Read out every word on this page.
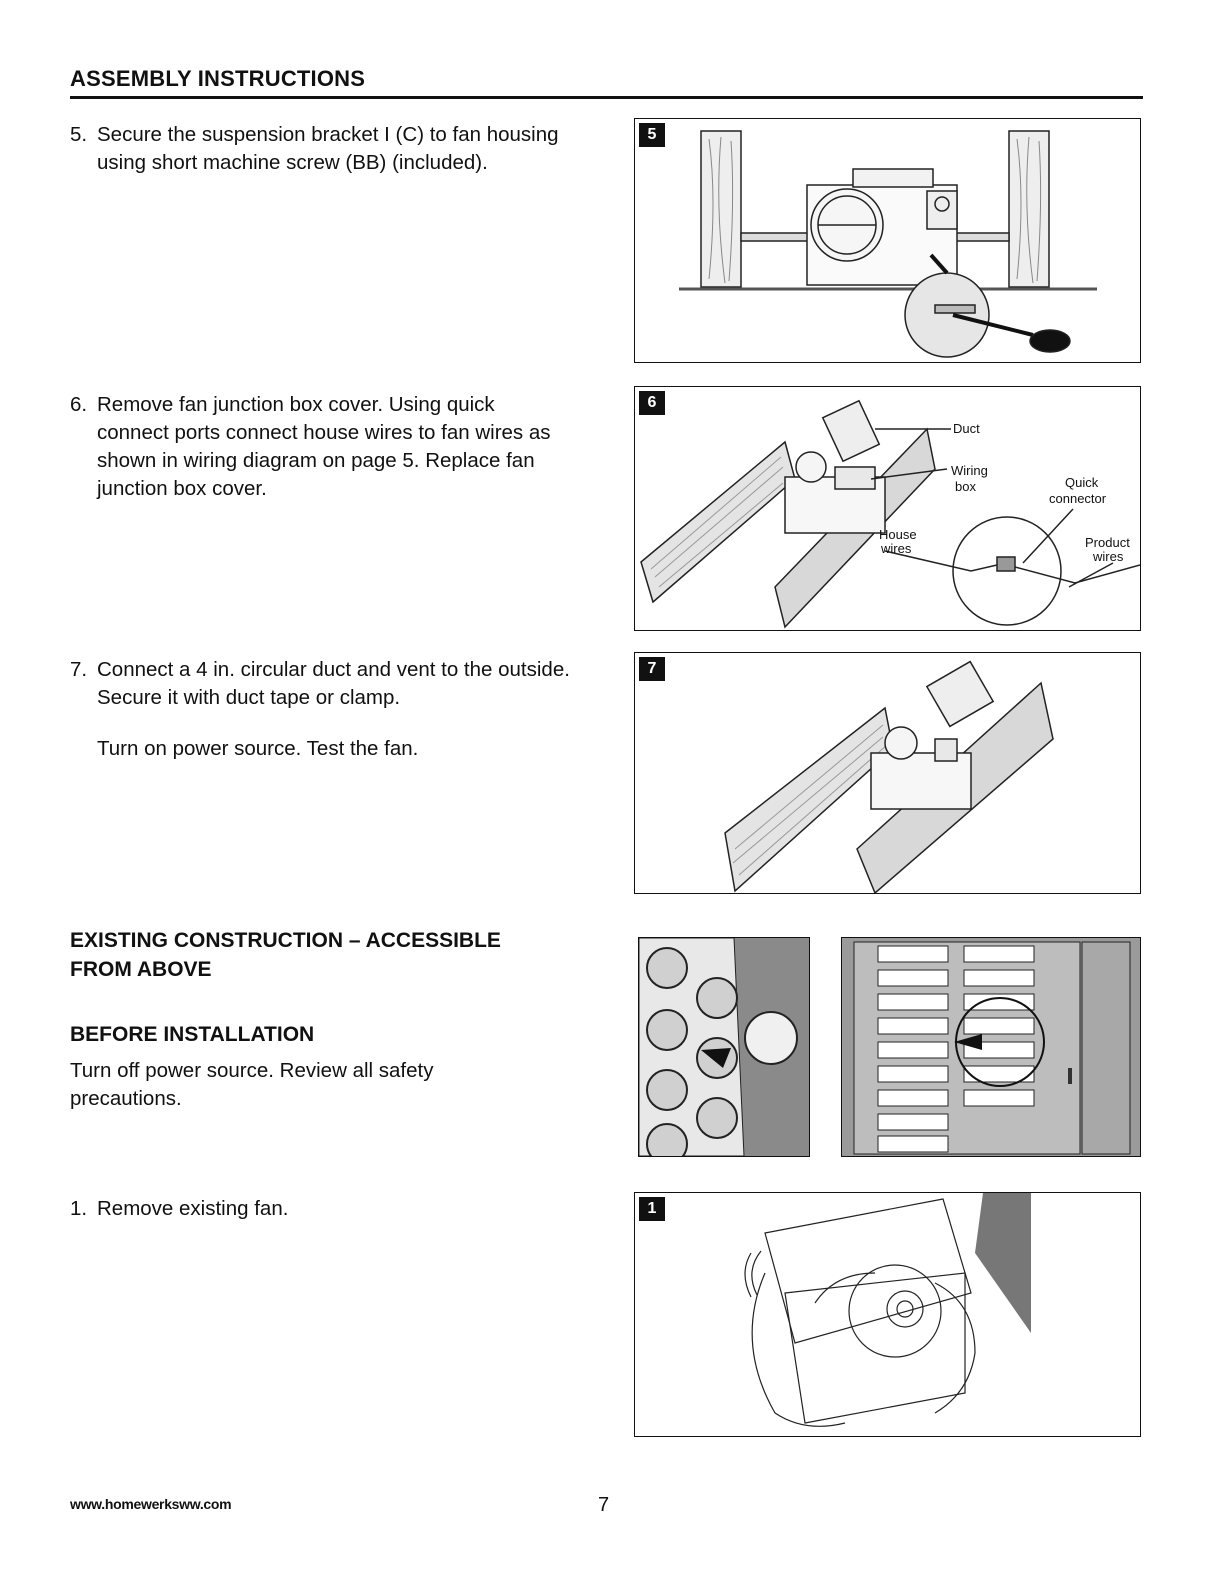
ASSEMBLY INSTRUCTIONS
5. Secure the suspension bracket I (C) to fan housing using short machine screw (BB) (included).
6. Remove fan junction box cover. Using quick connect ports connect house wires to fan wires as shown in wiring diagram on page 5. Replace fan junction box cover.
7. Connect a 4 in. circular duct and vent to the outside. Secure it with duct tape or clamp.
Turn on power source. Test the fan.
EXISTING CONSTRUCTION – ACCESSIBLE FROM ABOVE
BEFORE INSTALLATION
Turn off power source. Review all safety precautions.
1. Remove existing fan.
5
6
Duct
Wiring
box	Quick
connector
House
wires	Product
wires
7
1
www.homewerksww.com	7
